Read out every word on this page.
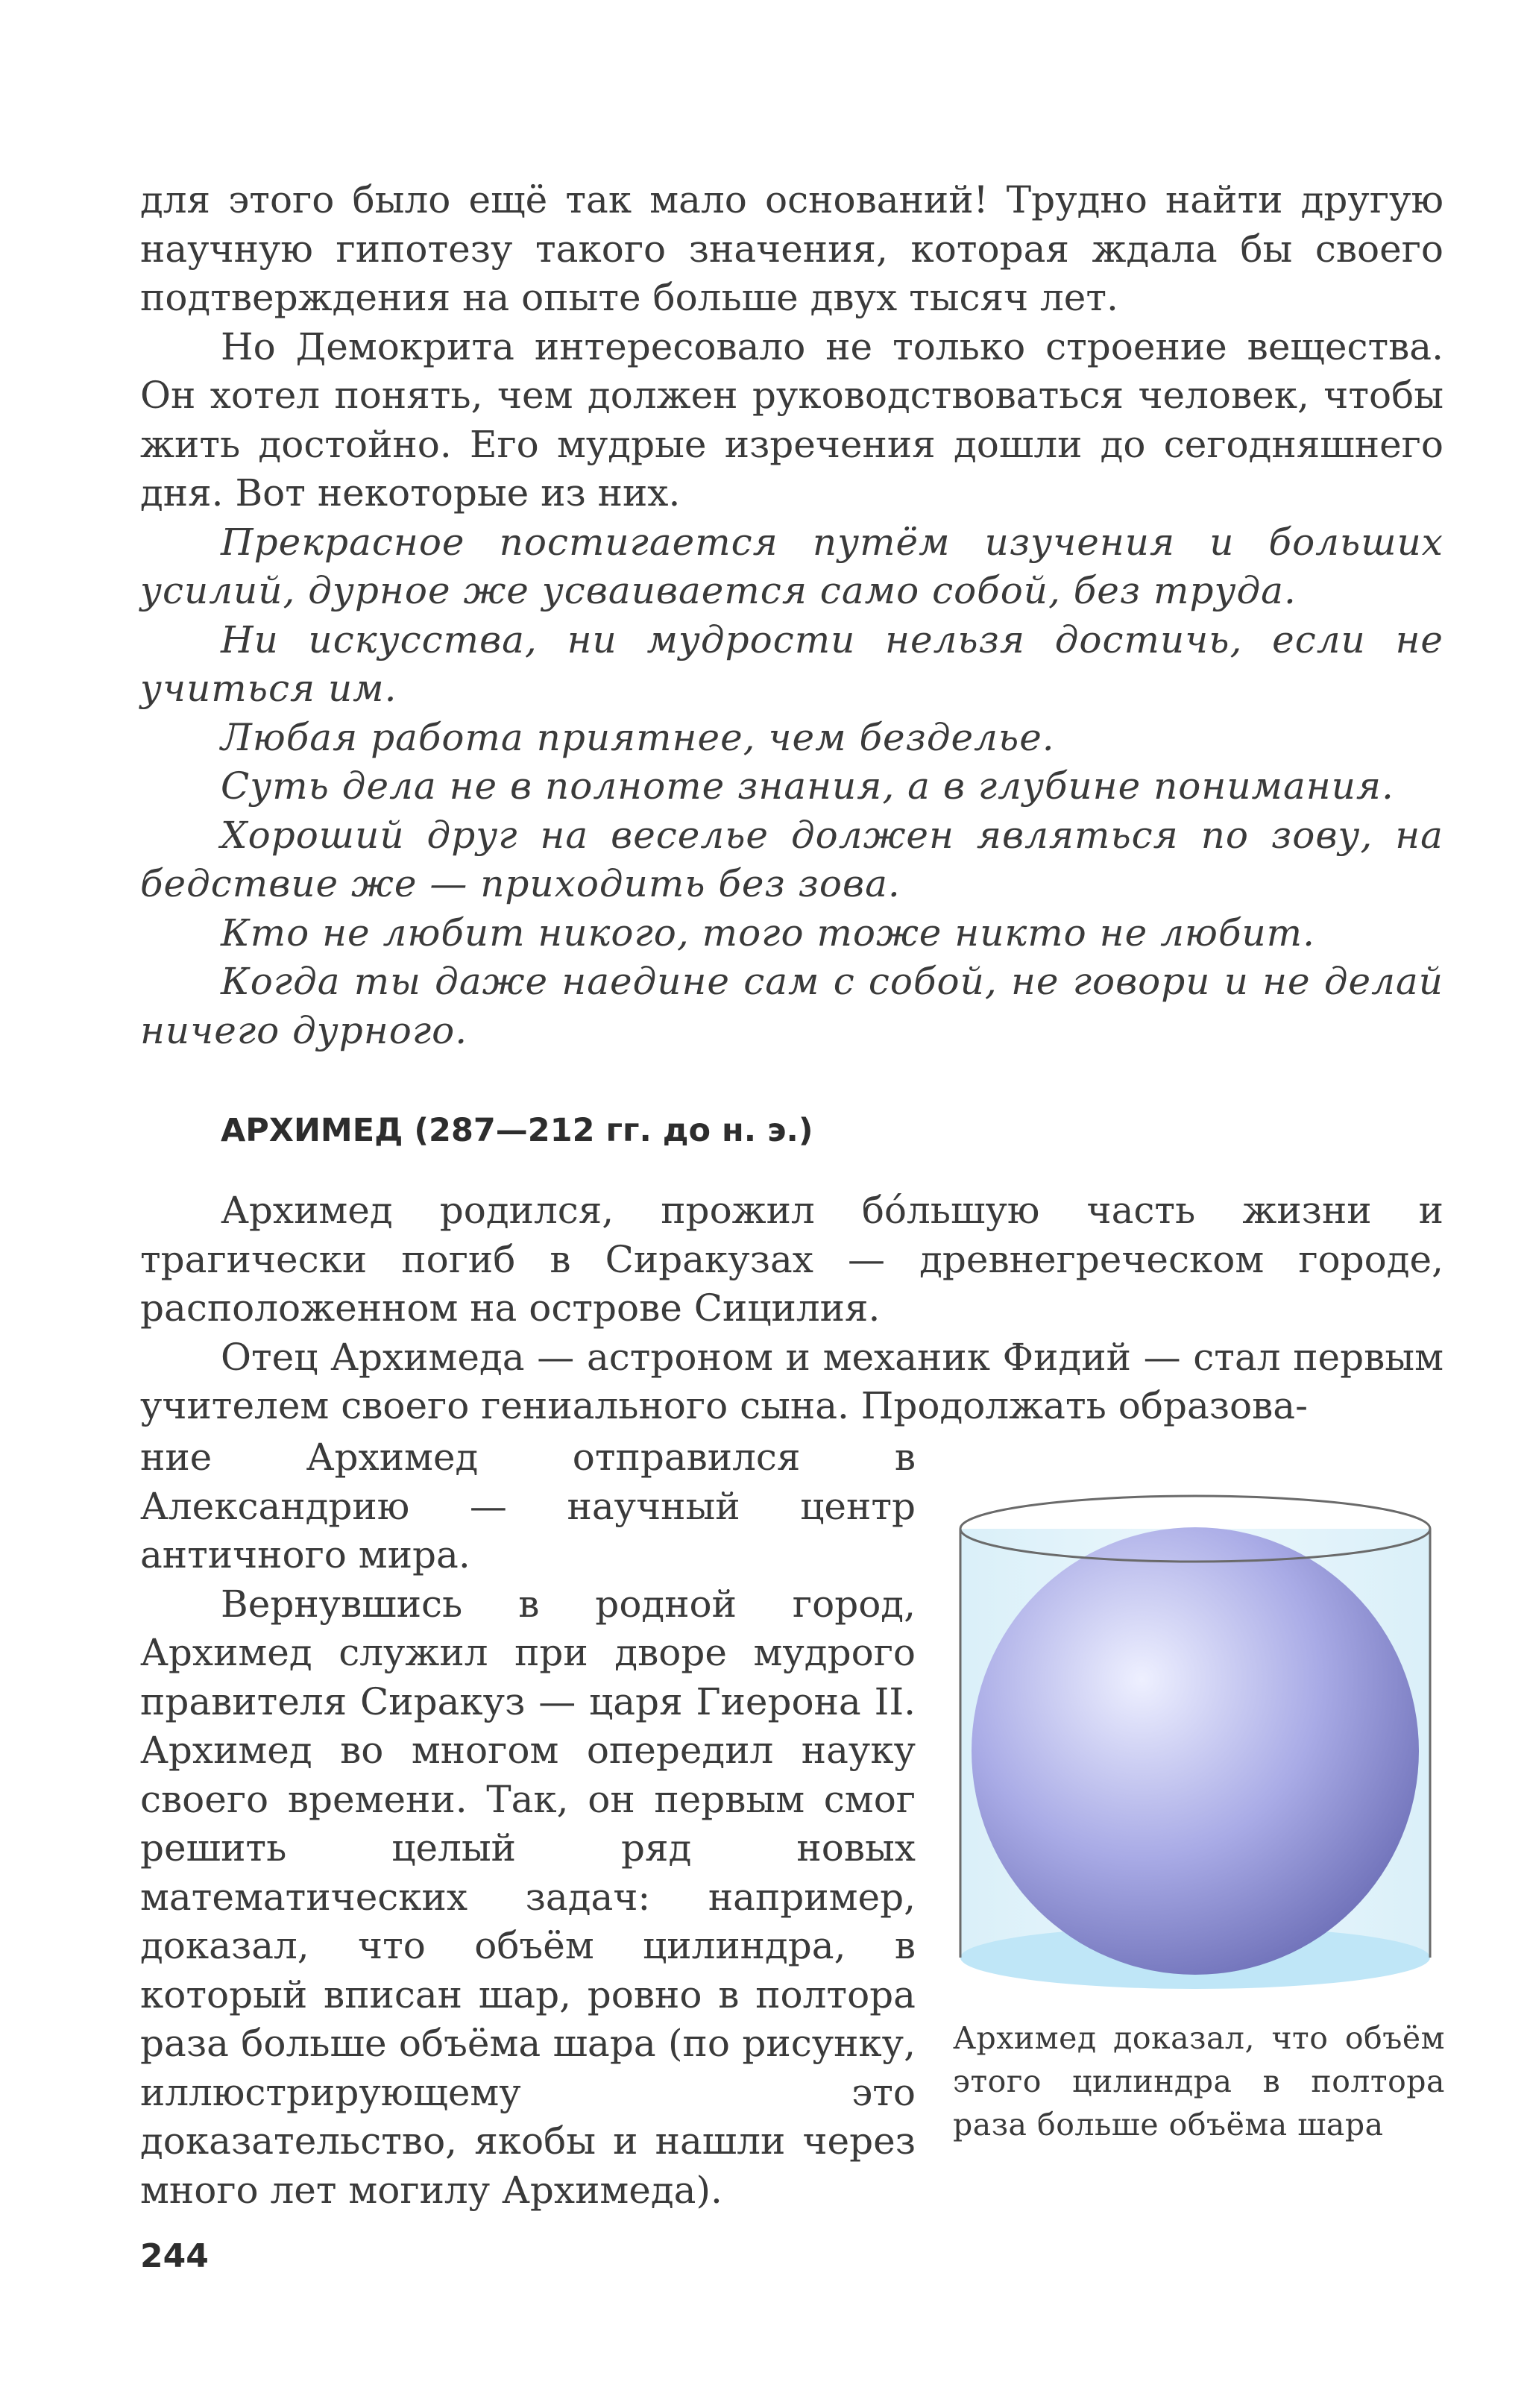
для этого было ещё так мало оснований! Трудно найти другую научную гипотезу такого значения, которая ждала бы своего подтверждения на опыте больше двух тысяч лет.

Но Демокрита интересовало не только строение вещества. Он хотел понять, чем должен руководствоваться человек, чтобы жить достойно. Его мудрые изречения дошли до сегодняшнего дня. Вот некоторые из них.

Прекрасное постигается путём изучения и больших усилий, дурное же усваивается само собой, без труда.

Ни искусства, ни мудрости нельзя достичь, если не учиться им.

Любая работа приятнее, чем безделье.

Суть дела не в полноте знания, а в глубине понимания.

Хороший друг на веселье должен являться по зову, на бедствие же — приходить без зова.

Кто не любит никого, того тоже никто не любит.

Когда ты даже наедине сам с собой, не говори и не делай ничего дурного.

АРХИМЕД (287—212 гг. до н. э.)

Архимед родился, прожил бóльшую часть жизни и трагически погиб в Сиракузах — древнегреческом городе, расположенном на острове Сицилия.

Отец Архимеда — астроном и механик Фидий — стал первым учителем своего гениального сына. Продолжать образова-

ние Архимед отправился в Александрию — научный центр античного мира.

Вернувшись в родной город, Архимед служил при дворе мудрого правителя Сиракуз — царя Гиерона II. Архимед во многом опередил науку своего времени. Так, он первым смог решить целый ряд новых математических задач: например, доказал, что объём цилиндра, в который вписан шар, ровно в полтора раза больше объёма шара (по рисунку, иллюстрирующему это доказательство, якобы и нашли через много лет могилу Архимеда).

Архимед доказал, что объём этого цилиндра в полтора раза больше объёма шара

244
